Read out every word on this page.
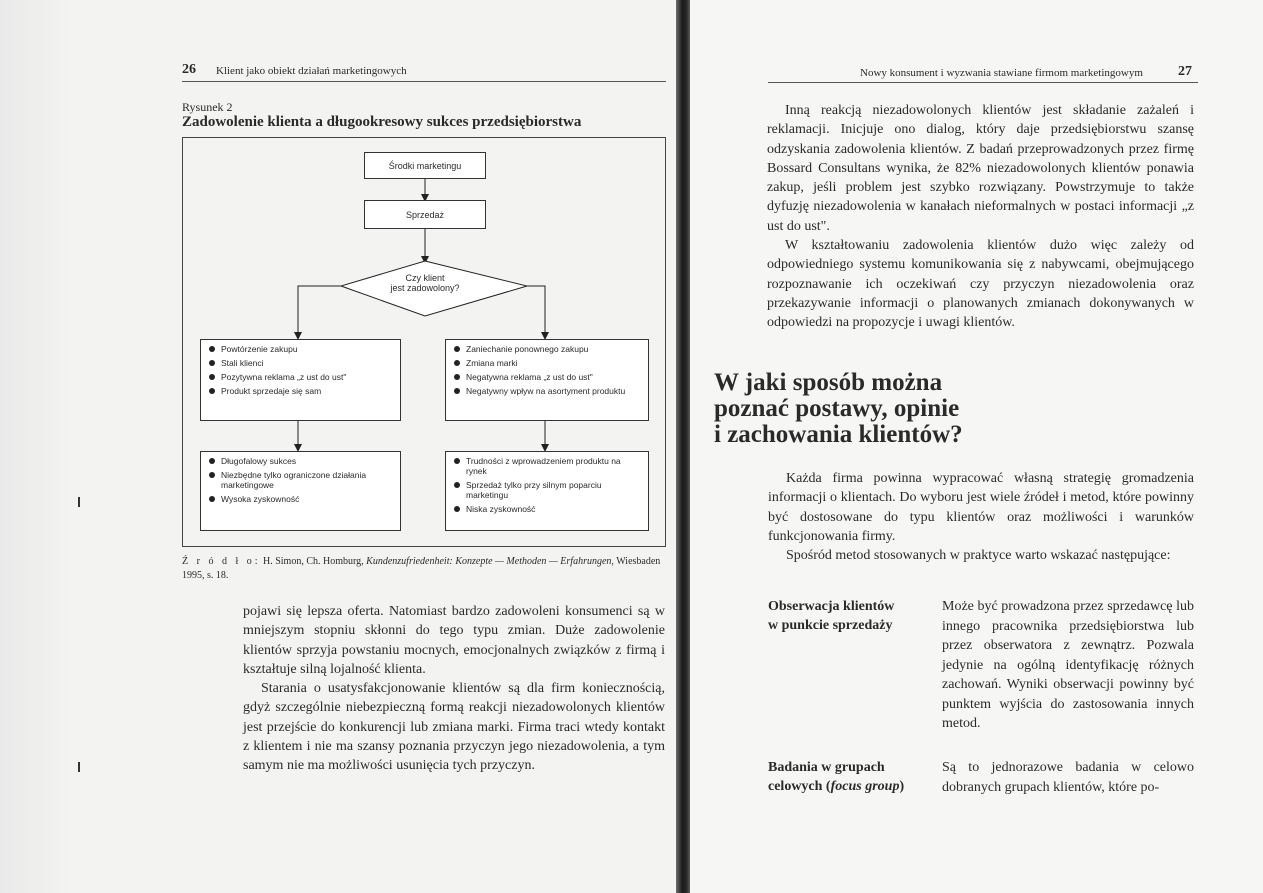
26 Klient jako obiekt działań marketingowych
Rysunek 2
Zadowolenie klienta a długookresowy sukces przedsiębiorstwa
Środki marketingu
Sprzedaż
Czy klient
jest zadowolony?
Powtórzenie zakupu
Stali klienci
Pozytywna reklama „z ust do ust"
Produkt sprzedaje się sam
Zaniechanie ponownego zakupu
Zmiana marki
Negatywna reklama „z ust do ust"
Negatywny wpływ na asortyment produktu
Długofalowy sukces
Niezbędne tylko ograniczone działania marketingowe
Wysoka zyskowność
Trudności z wprowadzeniem produktu na rynek
Sprzedaż tylko przy silnym poparciu marketingu
Niska zyskowność
Ź r ó d ł o: H. Simon, Ch. Homburg, Kundenzufriedenheit: Konzepte — Methoden — Erfahrungen, Wiesbaden 1995, s. 18.

pojawi się lepsza oferta. Natomiast bardzo zadowoleni konsumenci są w mniejszym stopniu skłonni do tego typu zmian. Duże zadowolenie klientów sprzyja powstaniu mocnych, emocjonalnych związków z firmą i kształtuje silną lojalność klienta.

Starania o usatysfakcjonowanie klientów są dla firm koniecznością, gdyż szczególnie niebezpieczną formą reakcji niezadowolonych klientów jest przejście do konkurencji lub zmiana marki. Firma traci wtedy kontakt z klientem i nie ma szansy poznania przyczyn jego niezadowolenia, a tym samym nie ma możliwości usunięcia tych przyczyn.

Nowy konsument i wyzwania stawiane firmom marketingowym	27

Inną reakcją niezadowolonych klientów jest składanie zażaleń i reklamacji. Inicjuje ono dialog, który daje przedsiębiorstwu szansę odzyskania zadowolenia klientów. Z badań przeprowadzonych przez firmę Bossard Consultans wynika, że 82% niezadowolonych klientów ponawia zakup, jeśli problem jest szybko rozwiązany. Powstrzymuje to także dyfuzję niezadowolenia w kanałach nieformalnych w postaci informacji „z ust do ust".

W kształtowaniu zadowolenia klientów dużo więc zależy od odpowiedniego systemu komunikowania się z nabywcami, obejmującego rozpoznawanie ich oczekiwań czy przyczyn niezadowolenia oraz przekazywanie informacji o planowanych zmianach dokonywanych w odpowiedzi na propozycje i uwagi klientów.

W jaki sposób można
poznać postawy, opinie
i zachowania klientów?

Każda firma powinna wypracować własną strategię gromadzenia informacji o klientach. Do wyboru jest wiele źródeł i metod, które powinny być dostosowane do typu klientów oraz możliwości i warunków funkcjonowania firmy.

Spośród metod stosowanych w praktyce warto wskazać następujące:

Obserwacja klientów
w punkcie sprzedaży
Może być prowadzona przez sprzedawcę lub innego pracownika przedsiębiorstwa lub przez obserwatora z zewnątrz. Pozwala jedynie na ogólną identyfikację różnych zachowań. Wyniki obserwacji powinny być punktem wyjścia do zastosowania innych metod.
Badania w grupach
celowych (focus group)
Są to jednorazowe badania w celowo dobranych grupach klientów, które po-
